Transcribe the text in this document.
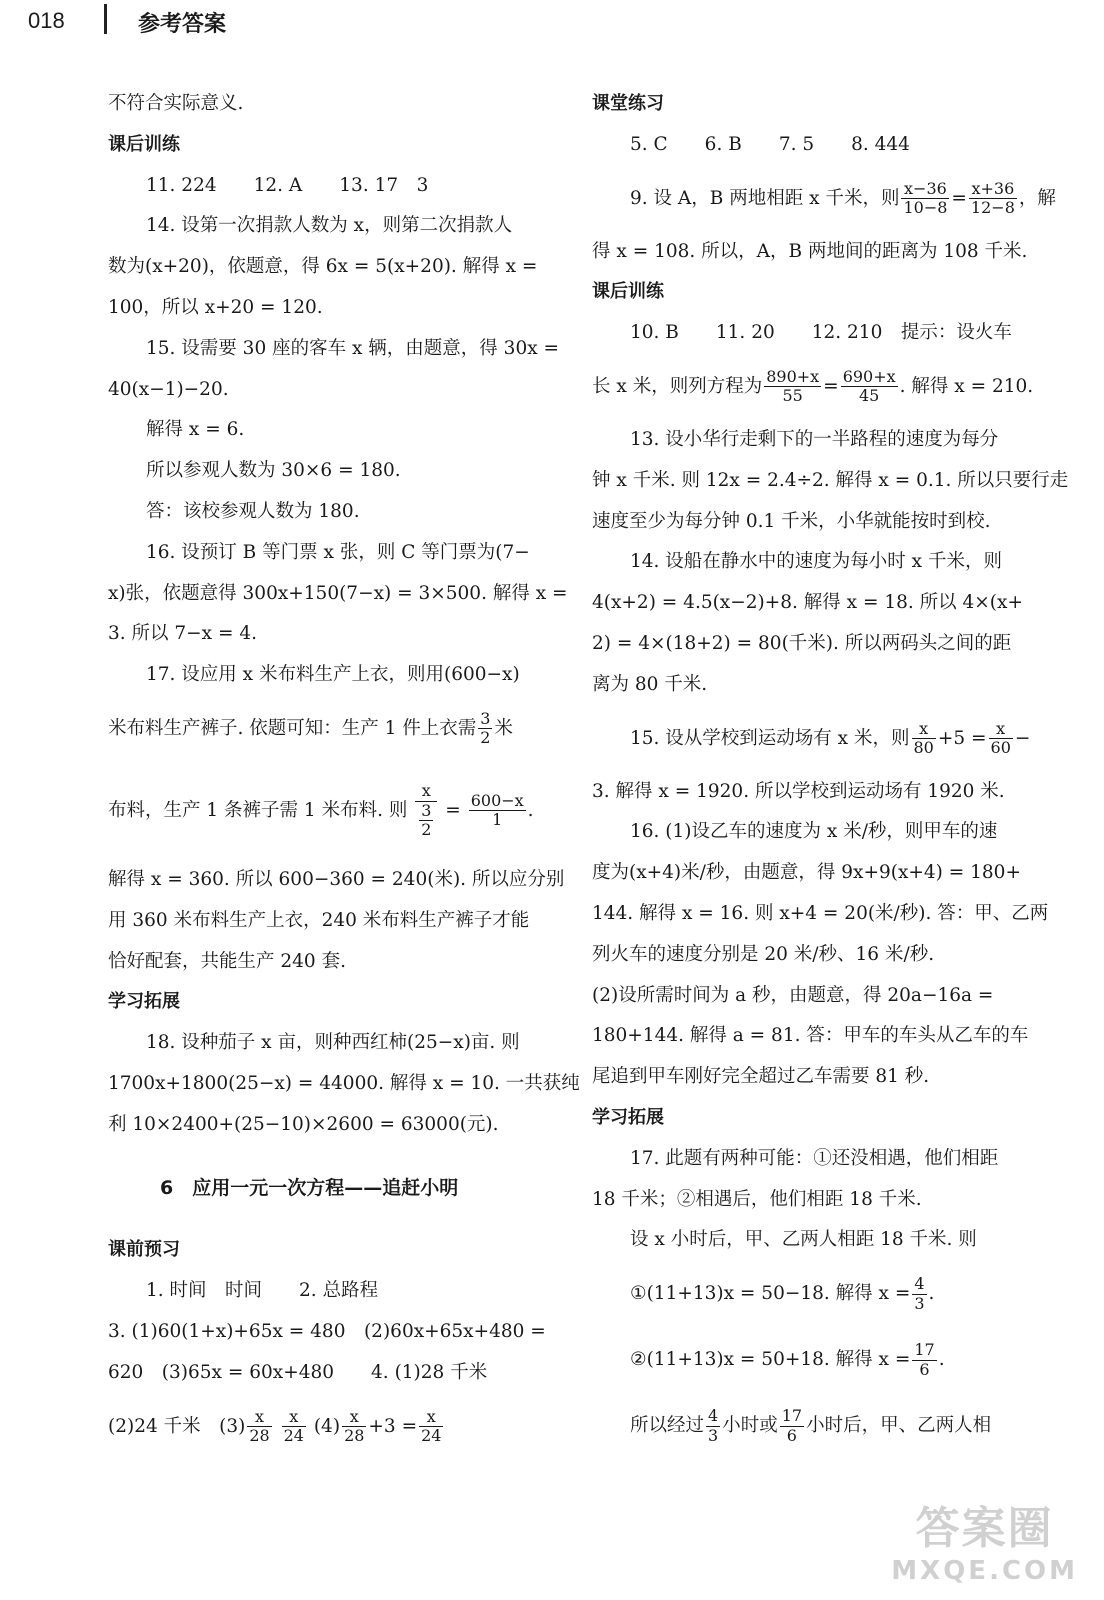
018	参考答案
不符合实际意义.
课后训练
11. 224　　12. A　　13. 17　3
14. 设第一次捐款人数为 x，则第二次捐款人
数为(x+20)，依题意，得 6x = 5(x+20). 解得 x =
100，所以 x+20 = 120.
15. 设需要 30 座的客车 x 辆，由题意，得 30x =
40(x−1)−20.
解得 x = 6.
所以参观人数为 30×6 = 180.
答：该校参观人数为 180.
16. 设预订 B 等门票 x 张，则 C 等门票为(7−
x)张，依题意得 300x+150(7−x) = 3×500. 解得 x =
3. 所以 7−x = 4.
17. 设应用 x 米布料生产上衣，则用(600−x)
米布料生产裤子. 依题可知：生产 1 件上衣需 $\frac{3}{2}$ 米
布料，生产 1 条裤子需 1 米布料. 则 $\frac{x}{\frac{3}{2}} = \frac{600-x}{1}$ .
解得 x = 360. 所以 600−360 = 240(米). 所以应分别
用 360 米布料生产上衣，240 米布料生产裤子才能
恰好配套，共能生产 240 套.
学习拓展
18. 设种茄子 x 亩，则种西红柿(25−x)亩. 则
1700x+1800(25−x) = 44000. 解得 x = 10. 一共获纯
利 10×2400+(25−10)×2600 = 63000(元).
6　应用一元一次方程——追赶小明
课前预习
1. 时间　时间　　2. 总路程
3. (1)60(1+x)+65x = 480　(2)60x+65x+480 =
620　(3)65x = 60x+480　　4. (1)28 千米
(2)24 千米　$(3) \frac{x}{28}$
$\frac{x}{24} (4) \frac{x}{28} +3 = \frac{x}{24}$
课堂练习
5. C　　6. B　　7. 5　　8. 444
9. 设 A，B 两地相距 x 千米，则 $\frac{x-36}{10-8} = \frac{x+36}{12-8}$ ，解
得 x = 108. 所以，A，B 两地间的距离为 108 千米.
课后训练
10. B　　11. 20　　12. 210　提示：设火车
长 x 米，则列方程为 $\frac{890+x}{55} = \frac{690+x}{45}$ . 解得 x = 210.
13. 设小华行走剩下的一半路程的速度为每分
钟 x 千米. 则 12x = 2.4÷2. 解得 x = 0.1. 所以只要行走
速度至少为每分钟 0.1 千米，小华就能按时到校.
14. 设船在静水中的速度为每小时 x 千米，则
4(x+2) = 4.5(x−2)+8. 解得 x = 18. 所以 4×(x+
2) = 4×(18+2) = 80(千米). 所以两码头之间的距
离为 80 千米.
15. 设从学校到运动场有 x 米，则 $\frac{x}{80} +5 = \frac{x}{60}$ −
3. 解得 x = 1920. 所以学校到运动场有 1920 米.
16. (1)设乙车的速度为 x 米/秒，则甲车的速
度为(x+4)米/秒，由题意，得 9x+9(x+4) = 180+
144. 解得 x = 16. 则 x+4 = 20(米/秒). 答：甲、乙两
列火车的速度分别是 20 米/秒、16 米/秒.
(2)设所需时间为 a 秒，由题意，得 20a−16a =
180+144. 解得 a = 81. 答：甲车的车头从乙车的车
尾追到甲车刚好完全超过乙车需要 81 秒.
学习拓展
17. 此题有两种可能：①还没相遇，他们相距
18 千米；②相遇后，他们相距 18 千米.
设 x 小时后，甲、乙两人相距 18 千米. 则
①(11+13)x = 50−18. 解得 $x = \frac{4}{3}$ .
②(11+13)x = 50+18. 解得 $x = \frac{17}{6}$ .
所以经过 $\frac{4}{3}$ 小时或 $\frac{17}{6}$ 小时后，甲、乙两人相
答案圈
MXQE.COM
